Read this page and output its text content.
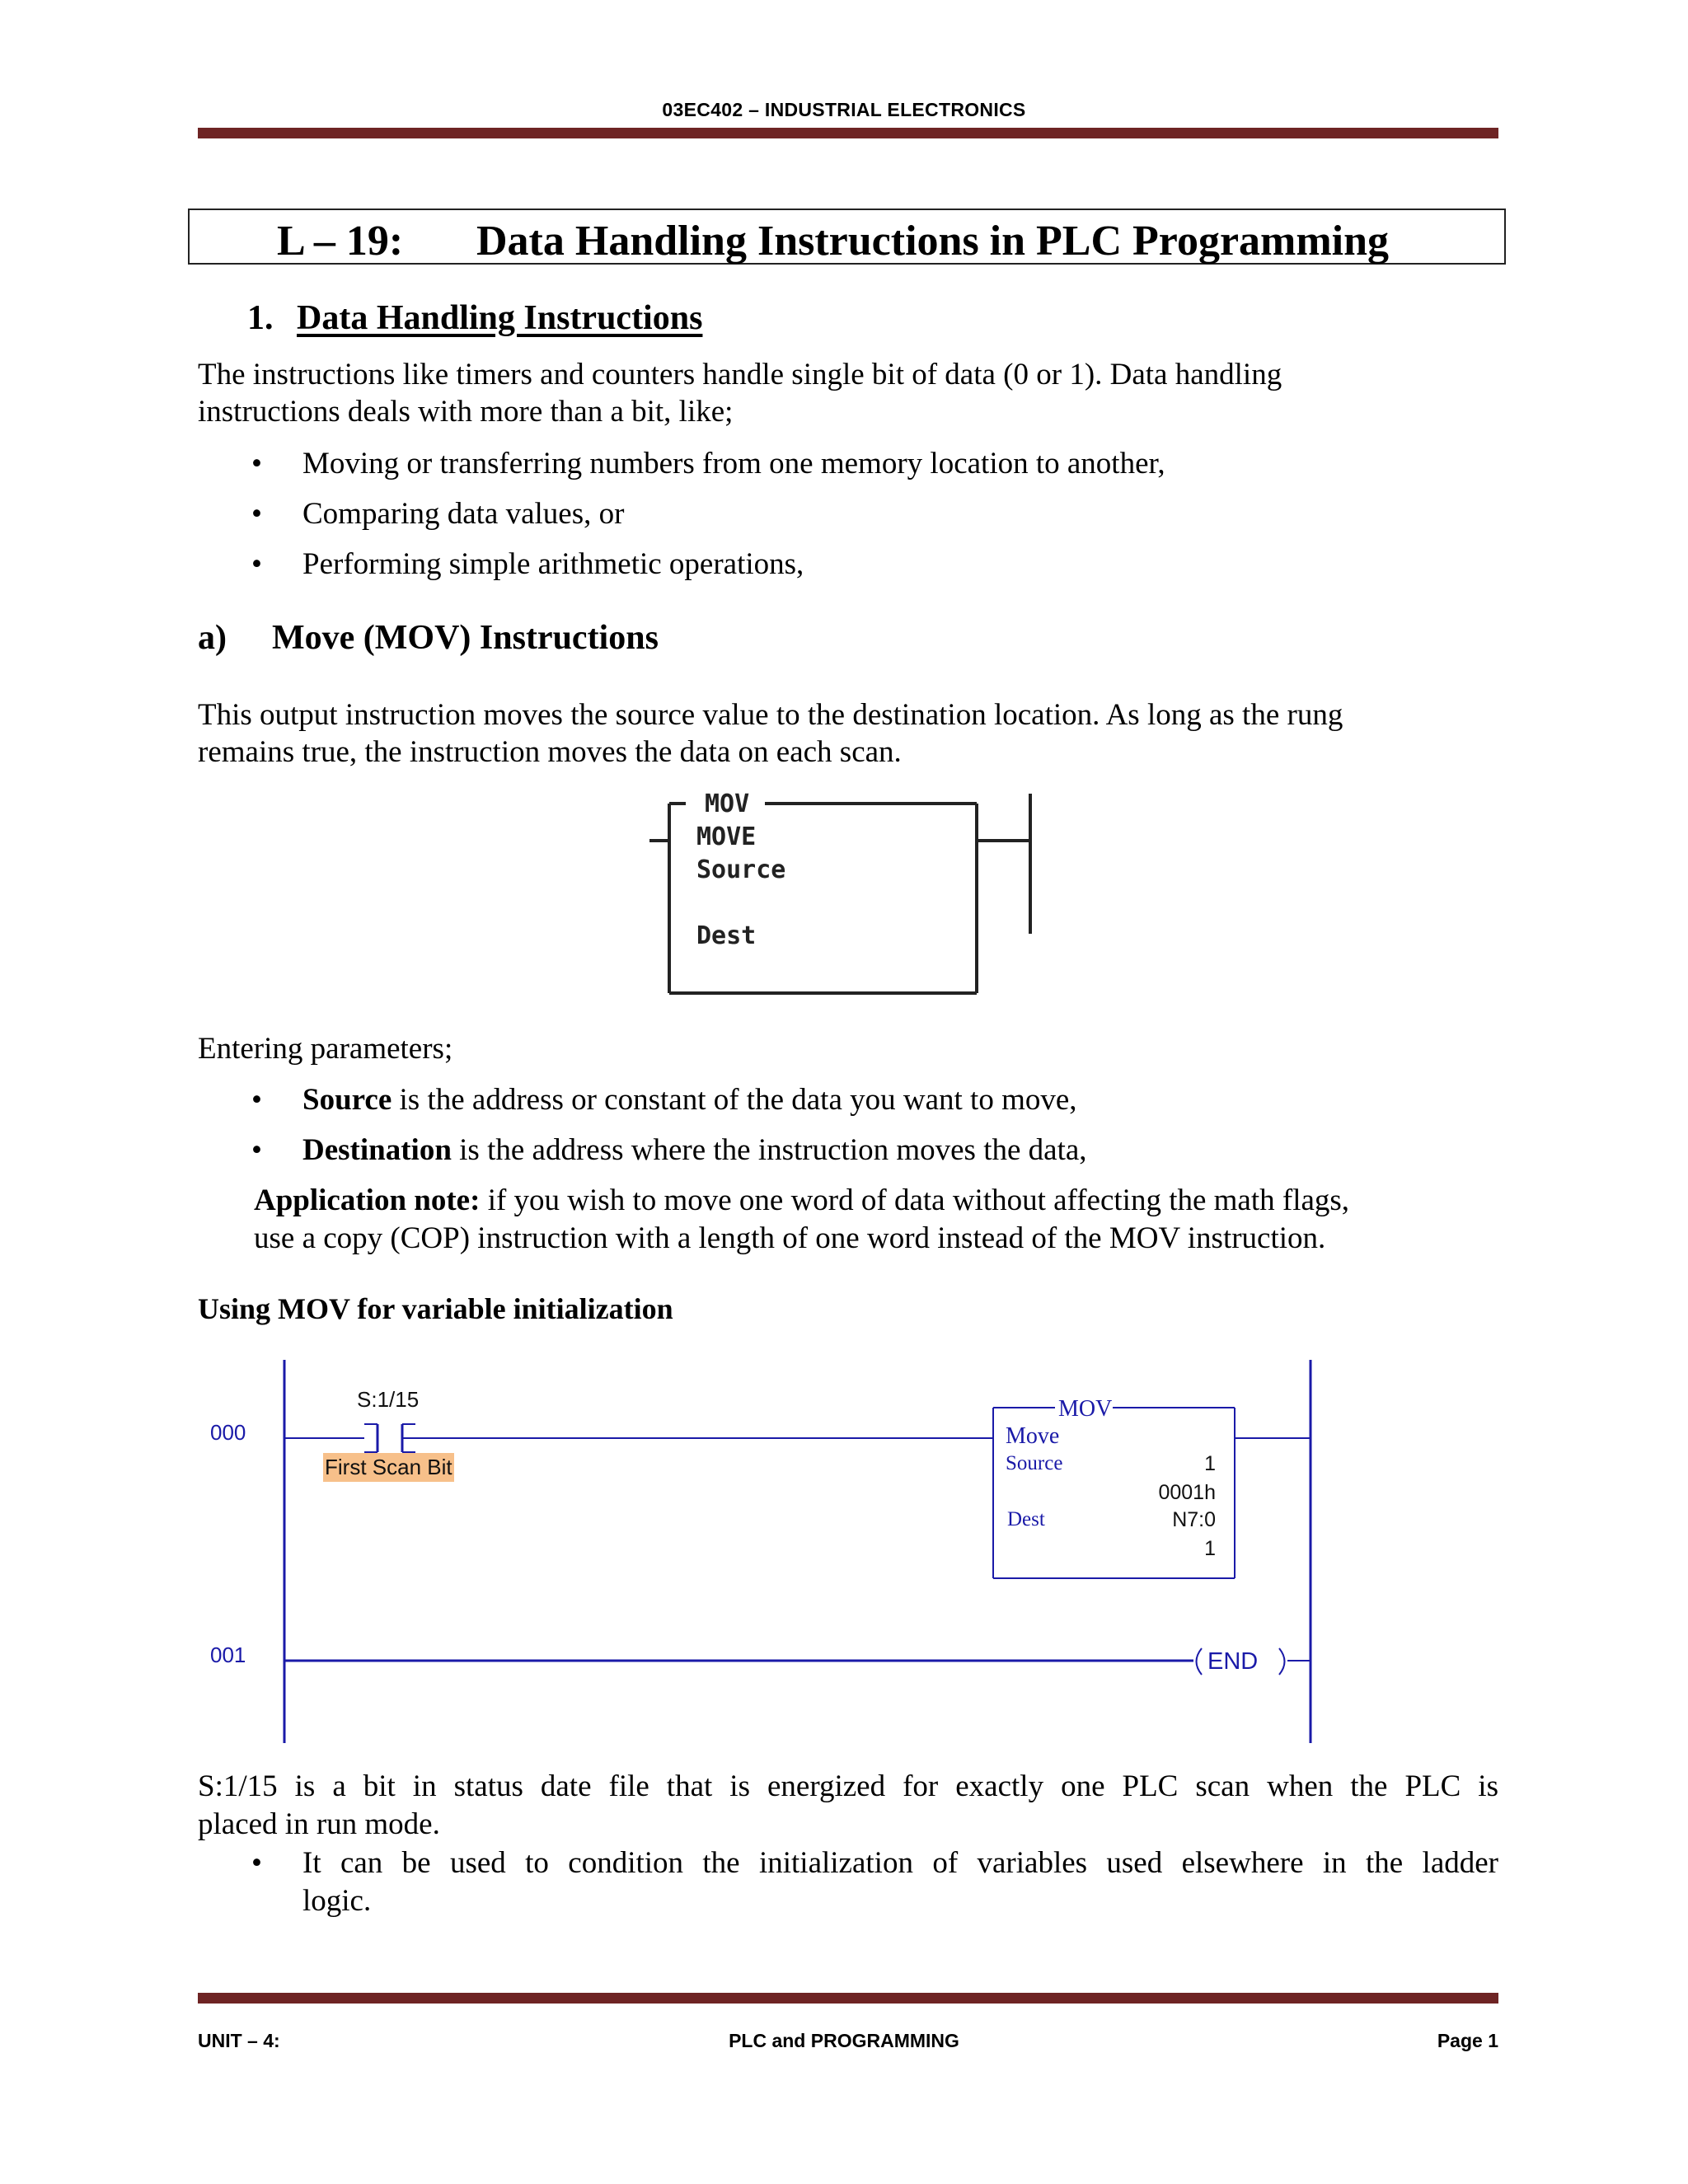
03EC402 – INDUSTRIAL ELECTRONICS
L – 19: Data Handling Instructions in PLC Programming
1. Data Handling Instructions
The instructions like timers and counters handle single bit of data (0 or 1). Data handling
instructions deals with more than a bit, like;
• Moving or transferring numbers from one memory location to another,
• Comparing data values, or
• Performing simple arithmetic operations,
a) Move (MOV) Instructions
This output instruction moves the source value to the destination location. As long as the rung
remains true, the instruction moves the data on each scan.
MOV
MOVE
Source
Dest
Entering parameters;
• Source is the address or constant of the data you want to move,
• Destination is the address where the instruction moves the data,
Application note: if you wish to move one word of data without affecting the math flags,
use a copy (COP) instruction with a length of one word instead of the MOV instruction.
Using MOV for variable initialization
000
001
S:1/15
First Scan Bit
MOV
Move
Source	1
0001h
Dest	N7:0
1
END
S:1/15 is a bit in status date file that is energized for exactly one PLC scan when the PLC is
placed in run mode.
• It can be used to condition the initialization of variables used elsewhere in the ladder
logic.
UNIT – 4:	PLC and PROGRAMMING	Page 1
